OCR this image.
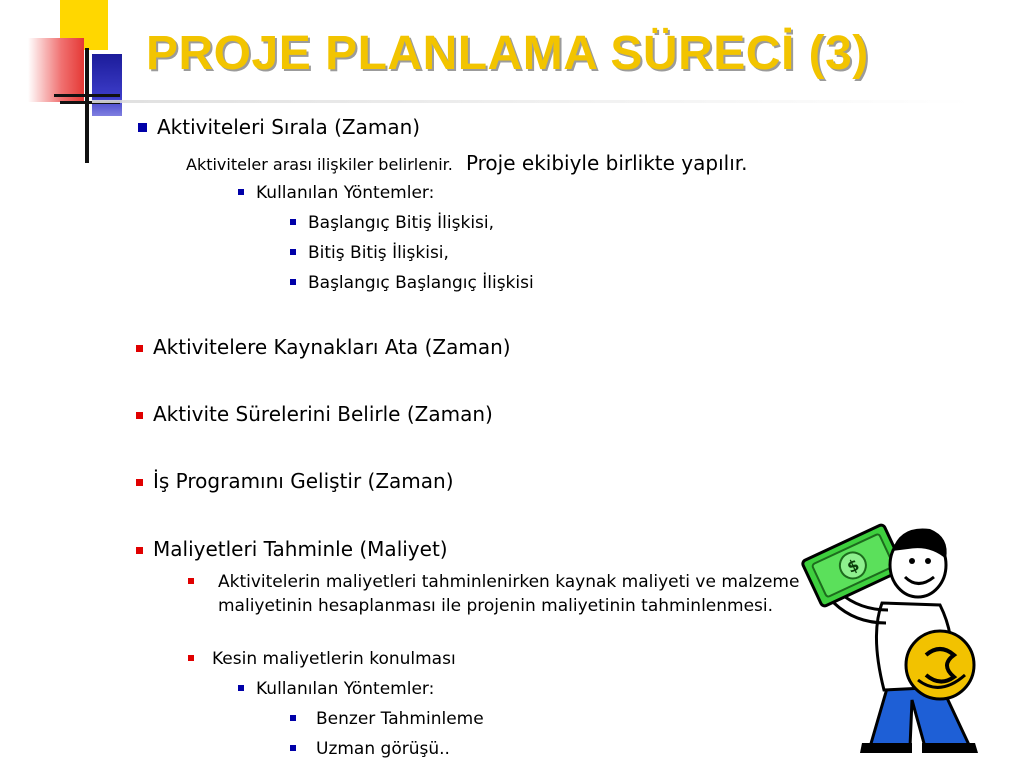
PROJE PLANLAMA SÜRECİ (3)
Aktiviteleri Sırala (Zaman)
Aktiviteler arası ilişkiler belirlenir. Proje ekibiyle birlikte yapılır.
Kullanılan Yöntemler:
Başlangıç Bitiş İlişkisi,
Bitiş Bitiş İlişkisi,
Başlangıç Başlangıç İlişkisi
Aktivitelere Kaynakları Ata (Zaman)
Aktivite Sürelerini Belirle (Zaman)
İş Programını Geliştir (Zaman)
Maliyetleri Tahminle (Maliyet)
Aktivitelerin maliyetleri tahminlenirken kaynak maliyeti ve malzeme maliyetinin hesaplanması ile projenin maliyetinin tahminlenmesi.
Kesin maliyetlerin konulması
Kullanılan Yöntemler:
Benzer Tahminleme
Uzman görüşü..
$
